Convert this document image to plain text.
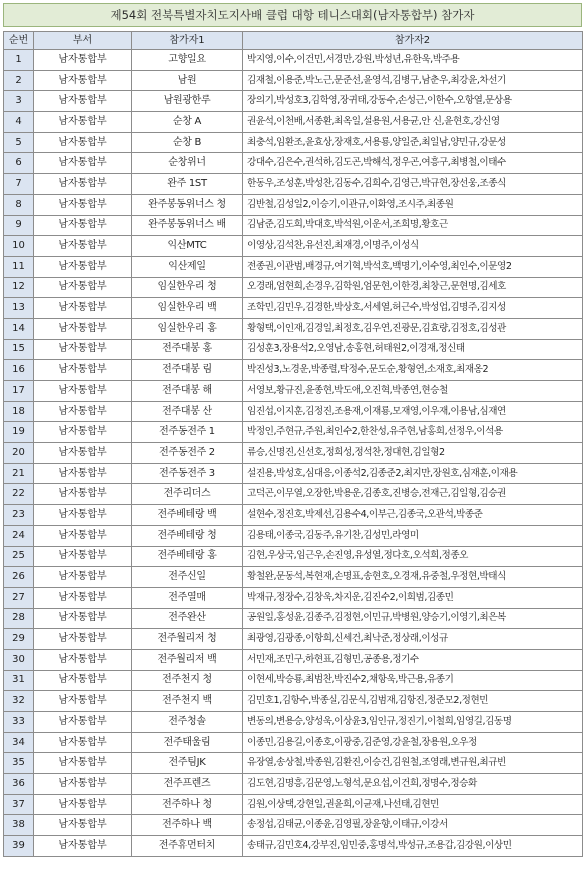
제54회 전북특별자치도지사배 클럽 대항 테니스대회(남자통합부) 참가자
순번	부서	참가자1	참가자2
1	남자통합부	고향일요	박지영,이수,이건민,서경만,강원,박성년,유한욱,박주용
2	남자통합부	남원	김재철,이용준,박노근,문준선,윤영석,김병구,남춘우,최강윤,차선기
3	남자통합부	남원광한루	장의기,박성호3,김학영,장귀태,강동수,손성근,이한수,오항열,문상용
4	남자통합부	순창 A	권윤석,이천배,서종환,최옥일,설용원,서용균,안 신,윤현호,강신영
5	남자통합부	순창 B	최충석,임환조,윤효상,장재호,서용룡,양일준,최일남,양민규,강문성
6	남자통합부	순창위너	강대수,김은수,권석하,김도곤,박해석,정우곤,여흥구,최병철,이태수
7	남자통합부	완주 1ST	한동우,조성훈,박성찬,김동수,김희수,김영근,박규현,장선웅,조종식
8	남자통합부	완주봉동위너스 청	김반철,김성일2,이승기,이관규,이화영,조시주,최종원
9	남자통합부	완주봉동위너스 배	김남준,김도희,박대호,박석원,이운서,조희명,황호근
10	남자통합부	익산MTC	이영상,김석찬,유선진,최재경,이명주,이성식
11	남자통합부	익산제일	전종권,이관범,배경규,여기혁,박석호,백명기,이수영,최인수,이문영2
12	남자통합부	임실한우리 청	오경래,엄현희,손경우,김학원,엄문현,이한경,최창근,문현명,김세호
13	남자통합부	임실한우리 백	조학민,김민우,김경한,박상호,서세열,허근수,박성업,김명주,김지성
14	남자통합부	임실한우리 홍	황형택,이인재,김경일,최정호,김우연,진광문,김효량,김정호,김성관
15	남자통합부	전주대봉 홍	김성훈3,장용석2,오영남,송홍현,허태원2,이경재,정신태
16	남자통합부	전주대봉 림	박진성3,노경운,박종렬,탁정수,문도순,황형연,소재호,최재옹2
17	남자통합부	전주대봉 해	서영보,황규진,윤종현,박도애,오진혁,박종연,현승철
18	남자통합부	전주대봉 산	임진섭,이지훈,김정진,조용재,이재룡,모재영,이우재,이용남,심재연
19	남자통합부	전주동전주 1	박정인,주현규,주원,최인수2,한찬성,유주현,남홍희,선정우,이석용
20	남자통합부	전주동전주 2	류승,신명진,신선호,정희성,정석찬,정대현,김일형2
21	남자통합부	전주동전주 3	설진용,박성호,심대응,이종석2,김종준2,최지만,장원호,심재훈,이재용
22	남자통합부	전주리더스	고덕곤,이무열,오장한,박용운,김종호,진병승,전재근,김일형,김승권
23	남자통합부	전주베테랑 백	설현수,정진호,박제선,김용수4,이부근,김종국,오관석,박종준
24	남자통합부	전주베테랑 청	김용태,이종국,김동주,유기찬,김성민,라영미
25	남자통합부	전주베테랑 홍	김현,우상국,임근우,손진영,유성열,정다호,오석희,정종오
26	남자통합부	전주신일	황철완,문동석,복현재,손명표,송현호,오경재,유중철,우정현,박태식
27	남자통합부	전주열매	박재규,정장수,김창욱,차지운,김진수2,이희범,김종민
28	남자통합부	전주완산	공원일,홍성윤,김종주,김정현,이민규,박병원,양승기,이영기,최은복
29	남자통합부	전주월리저 청	최광영,김광종,이항희,신세건,최낙준,정상래,이성규
30	남자통합부	전주월리저 백	서민재,조민구,하현표,김형민,공종용,정기수
31	남자통합부	전주천지 청	이현세,박승룡,최범찬,박진수2,채항욱,박근용,유종기
32	남자통합부	전주천지 백	김민호1,김항수,박종실,김문식,김범재,김항진,정준모2,정현민
33	남자통합부	전주청솔	변동의,변용승,양성욱,이상윤3,임인규,정진기,이철희,임영길,김동명
34	남자통합부	전주태울림	이종민,김용길,이종호,이광중,김준영,강윤철,장용원,오우정
35	남자통합부	전주팀JK	유장열,송상철,박종원,김환진,이승건,김원철,조영래,변규원,최규빈
36	남자통합부	전주프렌즈	김도현,김명흥,김문영,노형석,문요섭,이건희,정명수,정승화
37	남자통합부	전주하나 청	김원,이상택,강현일,권윤희,이균재,나선태,김현민
38	남자통합부	전주하나 백	송정섭,김태균,이종윤,김영필,장윤향,이태규,이강서
39	남자통합부	전주휴먼터치	송태규,김민호4,강부진,임민중,홍명석,박성규,조용갑,김강원,이상민
